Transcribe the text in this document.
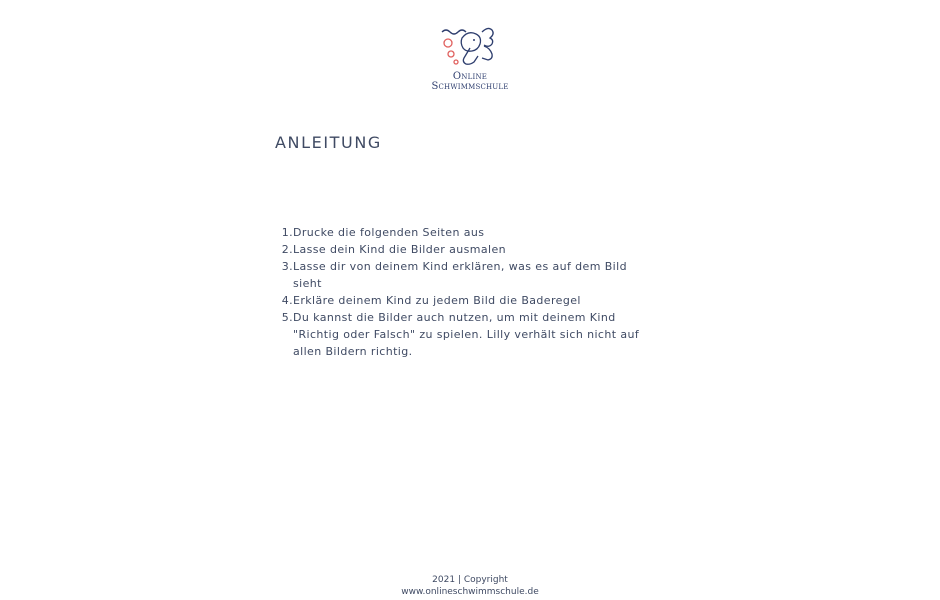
Online
Schwimmschule
ANLEITUNG
1. Drucke die folgenden Seiten aus
2. Lasse dein Kind die Bilder ausmalen
3. Lasse dir von deinem Kind erklären, was es auf dem Bild sieht
4. Erkläre deinem Kind zu jedem Bild die Baderegel
5. Du kannst die Bilder auch nutzen, um mit deinem Kind "Richtig oder Falsch" zu spielen. Lilly verhält sich nicht auf allen Bildern richtig.
2021 | Copyright
www.onlineschwimmschule.de
